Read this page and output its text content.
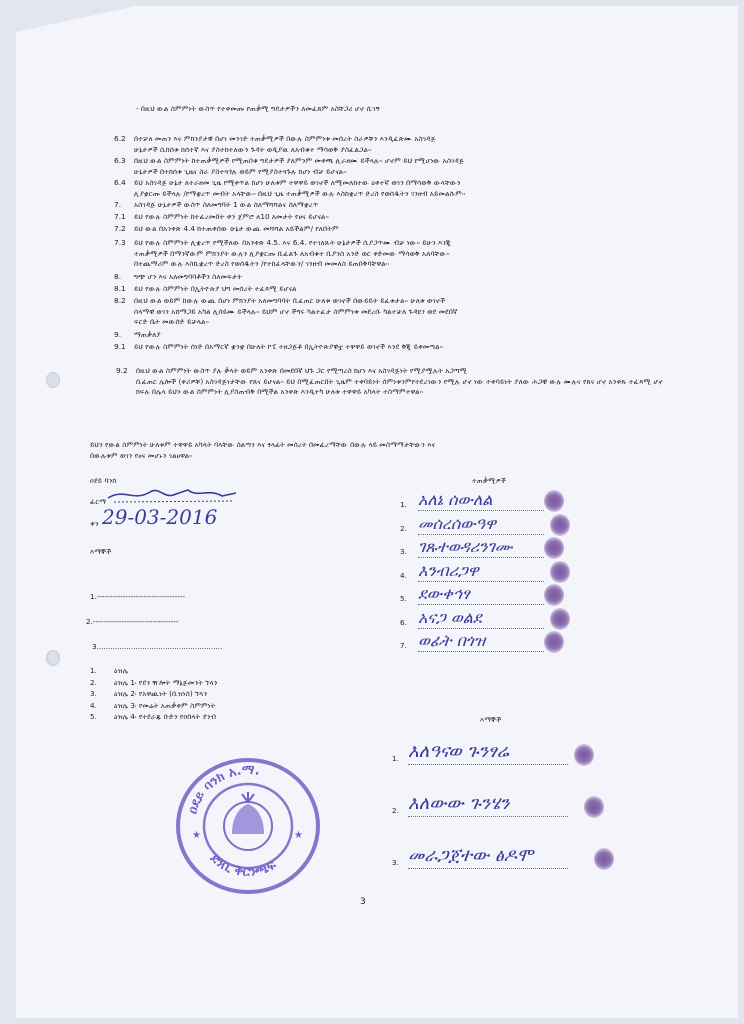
- በዚህ ውል ስምምነት ውስጥ የተቀመጡ የጠቃሚ ግዴታዎችን ለመፈጸም አስቸጋሪ ሆኖ ሲገኝ
6.2 በተቻለ መጠን እና ምክንያታዊ በሆነ መንገድ ተጠቃሚዎች በውሉ ስምምነቱ መሰረት ስራዎቹን እንዲፈጽሙ አስገዳጅ
ሁኔታዎች ሲከሰቱ ከሰተኛ እና ያስተከተለውን ጉዳት ወዲያዉ ለአብቁተ ማሳወቅ ያስፈልጋል፡፡
6.3 በዚህ ውል ስምምነት ከተጠቃሚዎች የሚጠበቁ ግዴታዎች ያለምንም መቀጫ ሊራዘሙ ይችላሉ፡፡ ሆኖም ይህ የሚሆነው አስገዳጅ
ሁኔታዎች በተከሰቱ ጊዜና ስራ ያስተጓጎሉ ወይም የሚያስተጓጉሉ ከሆነ ብቻ ይሆናል፡፡
6.4 ይህ አስገዳጅ ሁኔታ ለተራዘመ ጊዜ የሚቀጥል ከሆነ ሁለቱም ተዋዋይ ወገኖች ለሚመለከተው ዕቀተኛ ወገን በማሳወቅ ውላቸውን
ሊያቋርጡ ይችላሉ /የማቋረጥ መብት አላቸው፡፡ በዚህ ጊዜ ተጠቃሚዎች ውሉ እስከቋረጥ ድረስ የወሰዱትን ገንዘብ አይመልሱም፡፡
7. አስገዳጅ ሁኔታዎች ውስጥ ስለመግባት 1 ውል ስለማሻሻልና ስለማቋረጥ
7.1 ይህ የውሉ ስምምነት ከተፈረመበት ቀን ጀምሮ ለ10 አመታት የፀና ይሆናል፡፡
7.2 ይህ ውል በአንቀጽ 4.4 ከተጠቀሰው ሁኔታ ውጪ መሻሻል አይችልም/ የለበትም
7.3 ይህ የውሉ ስምምነት ሊቋረጥ የሚችለው በአንቀጽ 4.5. እና 6.4. የተገለጹት ሁኔታዎች ሲያጋጥሙ ብቻ ነው፡፡ ይሁን እንጂ
ተጠቃሚዎች በማንኛውም ምክንያት ውሉን ሊያቋርጡ ቢፈልጉ ለአብቁተ ቢያንስ አንድ ወር ቀድመው ማሳወቅ አለባቸው፡፡
በተጨማሪም ውሉ እስኪቋረጥ ድረስ የወሰዱትን /የተከፈላቸውን/ ገንዘብ መመለስ ይጠበቅባቸዋል፡፡
8. ግጭ ሆን እና አለመግባባቶችን ስለመፍታት
8.1 ይህ የውሉ ስምምነት በኢትዮጵያ ህግ መሰረት ተፈጻሚ ይሆናል
8.2 በዚህ ውል ወይም ከውሉ ውጪ በሆነ ምክንያት አለመግባባት ቢፈጠር ሁለቱ ወገኖች በውይይት ይፈቱታል፡፡ ሁለቱ ወገኖች
ሰላማዊ ወገን አሸማጋይ አካል ሊሰይሙ ይችላሉ፡፡ ይህም ሆኖ ችግሩ ካልተፈታ ስምምነቱ መደረሱ ካልተቻለ ጉዳዩን ወደ መደበኛ
ፍርድ ቤት መውሰድ ይቻላል፡፡
9. ማጠቃለያ
9.1 ይህ የውሉ ስምምነት ሰነድ በአማርኛ ቋንቋ በሁለት ኮፒ ተዘጋጅቶ በኢትዮጵያዊቷ ተዋዋይ ወገኖች እንደ ቅጂ ይቀመጣል፡፡
9.2 በዚህ ውል ስምምነት ውስጥ ያሉ ቃላት ወይም አንቀጽ በመደበኛ ህጉ ጋር የሚጣረስ ከሆነ እና አስገዳጅነት የሚያሟሉት አጋጣሚ
ቢፈጠር ሌሎች (ቀሪዎቹ) አስገዳጅነታቸው የጸና ይሆናል፡፡ ይህ በሚፈጠርበት ጊዜም ተቀባይነት ሰምነቱንምየተደረገውን የሚሉ ሆኖ ነው ተቀባይነት ያለው ሕጋዊ ውሉ ሙሉና የጸና ሆኖ አንቀጹ ተፈጻሚ ሆኖ
ክፍሉ በሌላ ይህን ውል ስምምነት ሊያስጠብቅ በሚችል አንቀጽ እንዲተካ ሁለቱ ተዋዋይ አካላት ተስማምተዋል፡፡
ይህን የውል ስምምነት ሁለቱም ተዋዋይ አካላት ባላቸው ስልጣን እና ፃላፊት መሰረት በመፈረማቸው በውሉ ላይ መስማማታቸውን እና
በውሉቱም ወገን የፀና መሆኑን ገልፀዋል፡፡
ዐደይ ባንክ
ፊርማ
ቀን 29-03-2016
እማኞች
1.----------------------------------
2.---------------------------------
3.......................................................
1. ዕዝሌ
2. ዕዝሌ 1፡ የደን ዥሎት ማኔጅመንት ኘላን
3. ዕዝሌ 2፡ የአዋጪነት (ቢዝነስ) ኘላን
4. ዕዝሌ 3፡ የመሬት አጠቃቀም ስምምነት
5. ዕዝሌ 4፡ የተደራጁ ቡድን የዐበላት ደንብ
ተጠቃሚዎች
1. አለኔ ሰውለል
2. መሰረሰውዓዋ
3. ገጹተወዳሪንገሙ
4. እንብሪጋዋ
5. ደውቀኅፃ
6. አናጋ ወልደ
7. ወፊት በጎዝ
እማኞች
1. እለዓናወ ጉንፃሬ
2. እለውው ጉንሄን
3. መራጋጀተው ፅዶሞ
ዐደይ ባንክ አ.ማ.
ደንቢ ቅርንጫፍ
★	★
3
